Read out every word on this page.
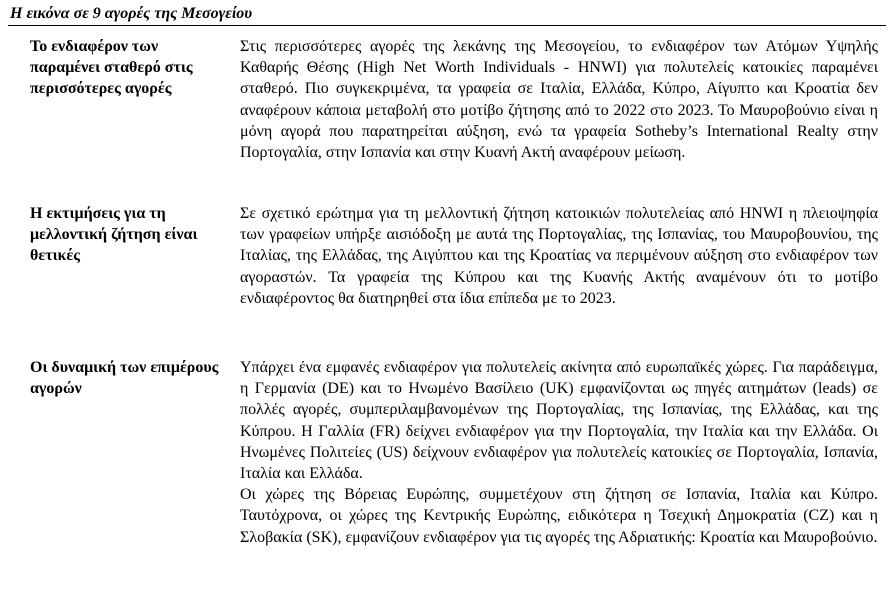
Η εικόνα σε 9 αγορές της Μεσογείου
Το ενδιαφέρον των παραμένει σταθερό στις περισσότερες αγορές

Στις περισσότερες αγορές της λεκάνης της Μεσογείου, το ενδιαφέρον των Ατόμων Υψηλής Καθαρής Θέσης (High Net Worth Individuals - HNWI) για πολυτελείς κατοικίες παραμένει σταθερό. Πιο συγκεκριμένα, τα γραφεία σε Ιταλία, Ελλάδα, Κύπρο, Αίγυπτο και Κροατία δεν αναφέρουν κάποια μεταβολή στο μοτίβο ζήτησης από το 2022 στο 2023. Το Μαυροβούνιο είναι η μόνη αγορά που παρατηρείται αύξηση, ενώ τα γραφεία Sotheby’s International Realty στην Πορτογαλία, στην Ισπανία και στην Κυανή Ακτή αναφέρουν μείωση.

Η εκτιμήσεις για τη μελλοντική ζήτηση είναι θετικές

Σε σχετικό ερώτημα για τη μελλοντική ζήτηση κατοικιών πολυτελείας από HNWI η πλειοψηφία των γραφείων υπήρξε αισιόδοξη με αυτά της Πορτογαλίας, της Ισπανίας, του Μαυροβουνίου, της Ιταλίας, της Ελλάδας, της Αιγύπτου και της Κροατίας να περιμένουν αύξηση στο ενδιαφέρον των αγοραστών. Τα γραφεία της Κύπρου και της Κυανής Ακτής αναμένουν ότι το μοτίβο ενδιαφέροντος θα διατηρηθεί στα ίδια επίπεδα με το 2023.

Οι δυναμική των επιμέρους αγορών

Υπάρχει ένα εμφανές ενδιαφέρον για πολυτελείς ακίνητα από ευρωπαϊκές χώρες. Για παράδειγμα, η Γερμανία (DE) και το Ηνωμένο Βασίλειο (UK) εμφανίζονται ως πηγές αιτημάτων (leads) σε πολλές αγορές, συμπεριλαμβανομένων της Πορτογαλίας, της Ισπανίας, της Ελλάδας, και της Κύπρου. Η Γαλλία (FR) δείχνει ενδιαφέρον για την Πορτογαλία, την Ιταλία και την Ελλάδα. Οι Ηνωμένες Πολιτείες (US) δείχνουν ενδιαφέρον για πολυτελείς κατοικίες σε Πορτογαλία, Ισπανία, Ιταλία και Ελλάδα.

Οι χώρες της Βόρειας Ευρώπης, συμμετέχουν στη ζήτηση σε Ισπανία, Ιταλία και Κύπρο. Ταυτόχρονα, οι χώρες της Κεντρικής Ευρώπης, ειδικότερα η Τσεχική Δημοκρατία (CZ) και η Σλοβακία (SK), εμφανίζουν ενδιαφέρον για τις αγορές της Αδριατικής: Κροατία και Μαυροβούνιο.
